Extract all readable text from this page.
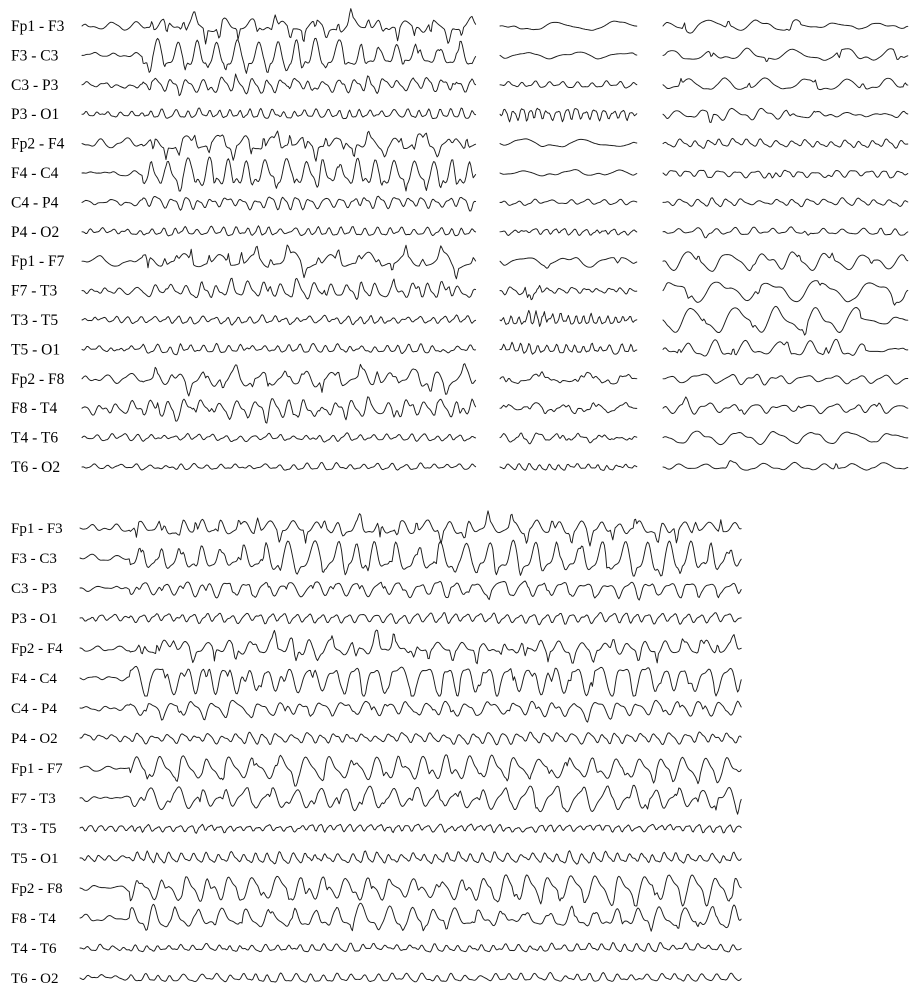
Fp1 - F3
F3 - C3
C3 - P3
P3 - O1
Fp2 - F4
F4 - C4
C4 - P4
P4 - O2
Fp1 - F7
F7 - T3
T3 - T5
T5 - O1
Fp2 - F8
F8 - T4
T4 - T6
T6 - O2
Fp1 - F3
F3 - C3
C3 - P3
P3 - O1
Fp2 - F4
F4 - C4
C4 - P4
P4 - O2
Fp1 - F7
F7 - T3
T3 - T5
T5 - O1
Fp2 - F8
F8 - T4
T4 - T6
T6 - O2
